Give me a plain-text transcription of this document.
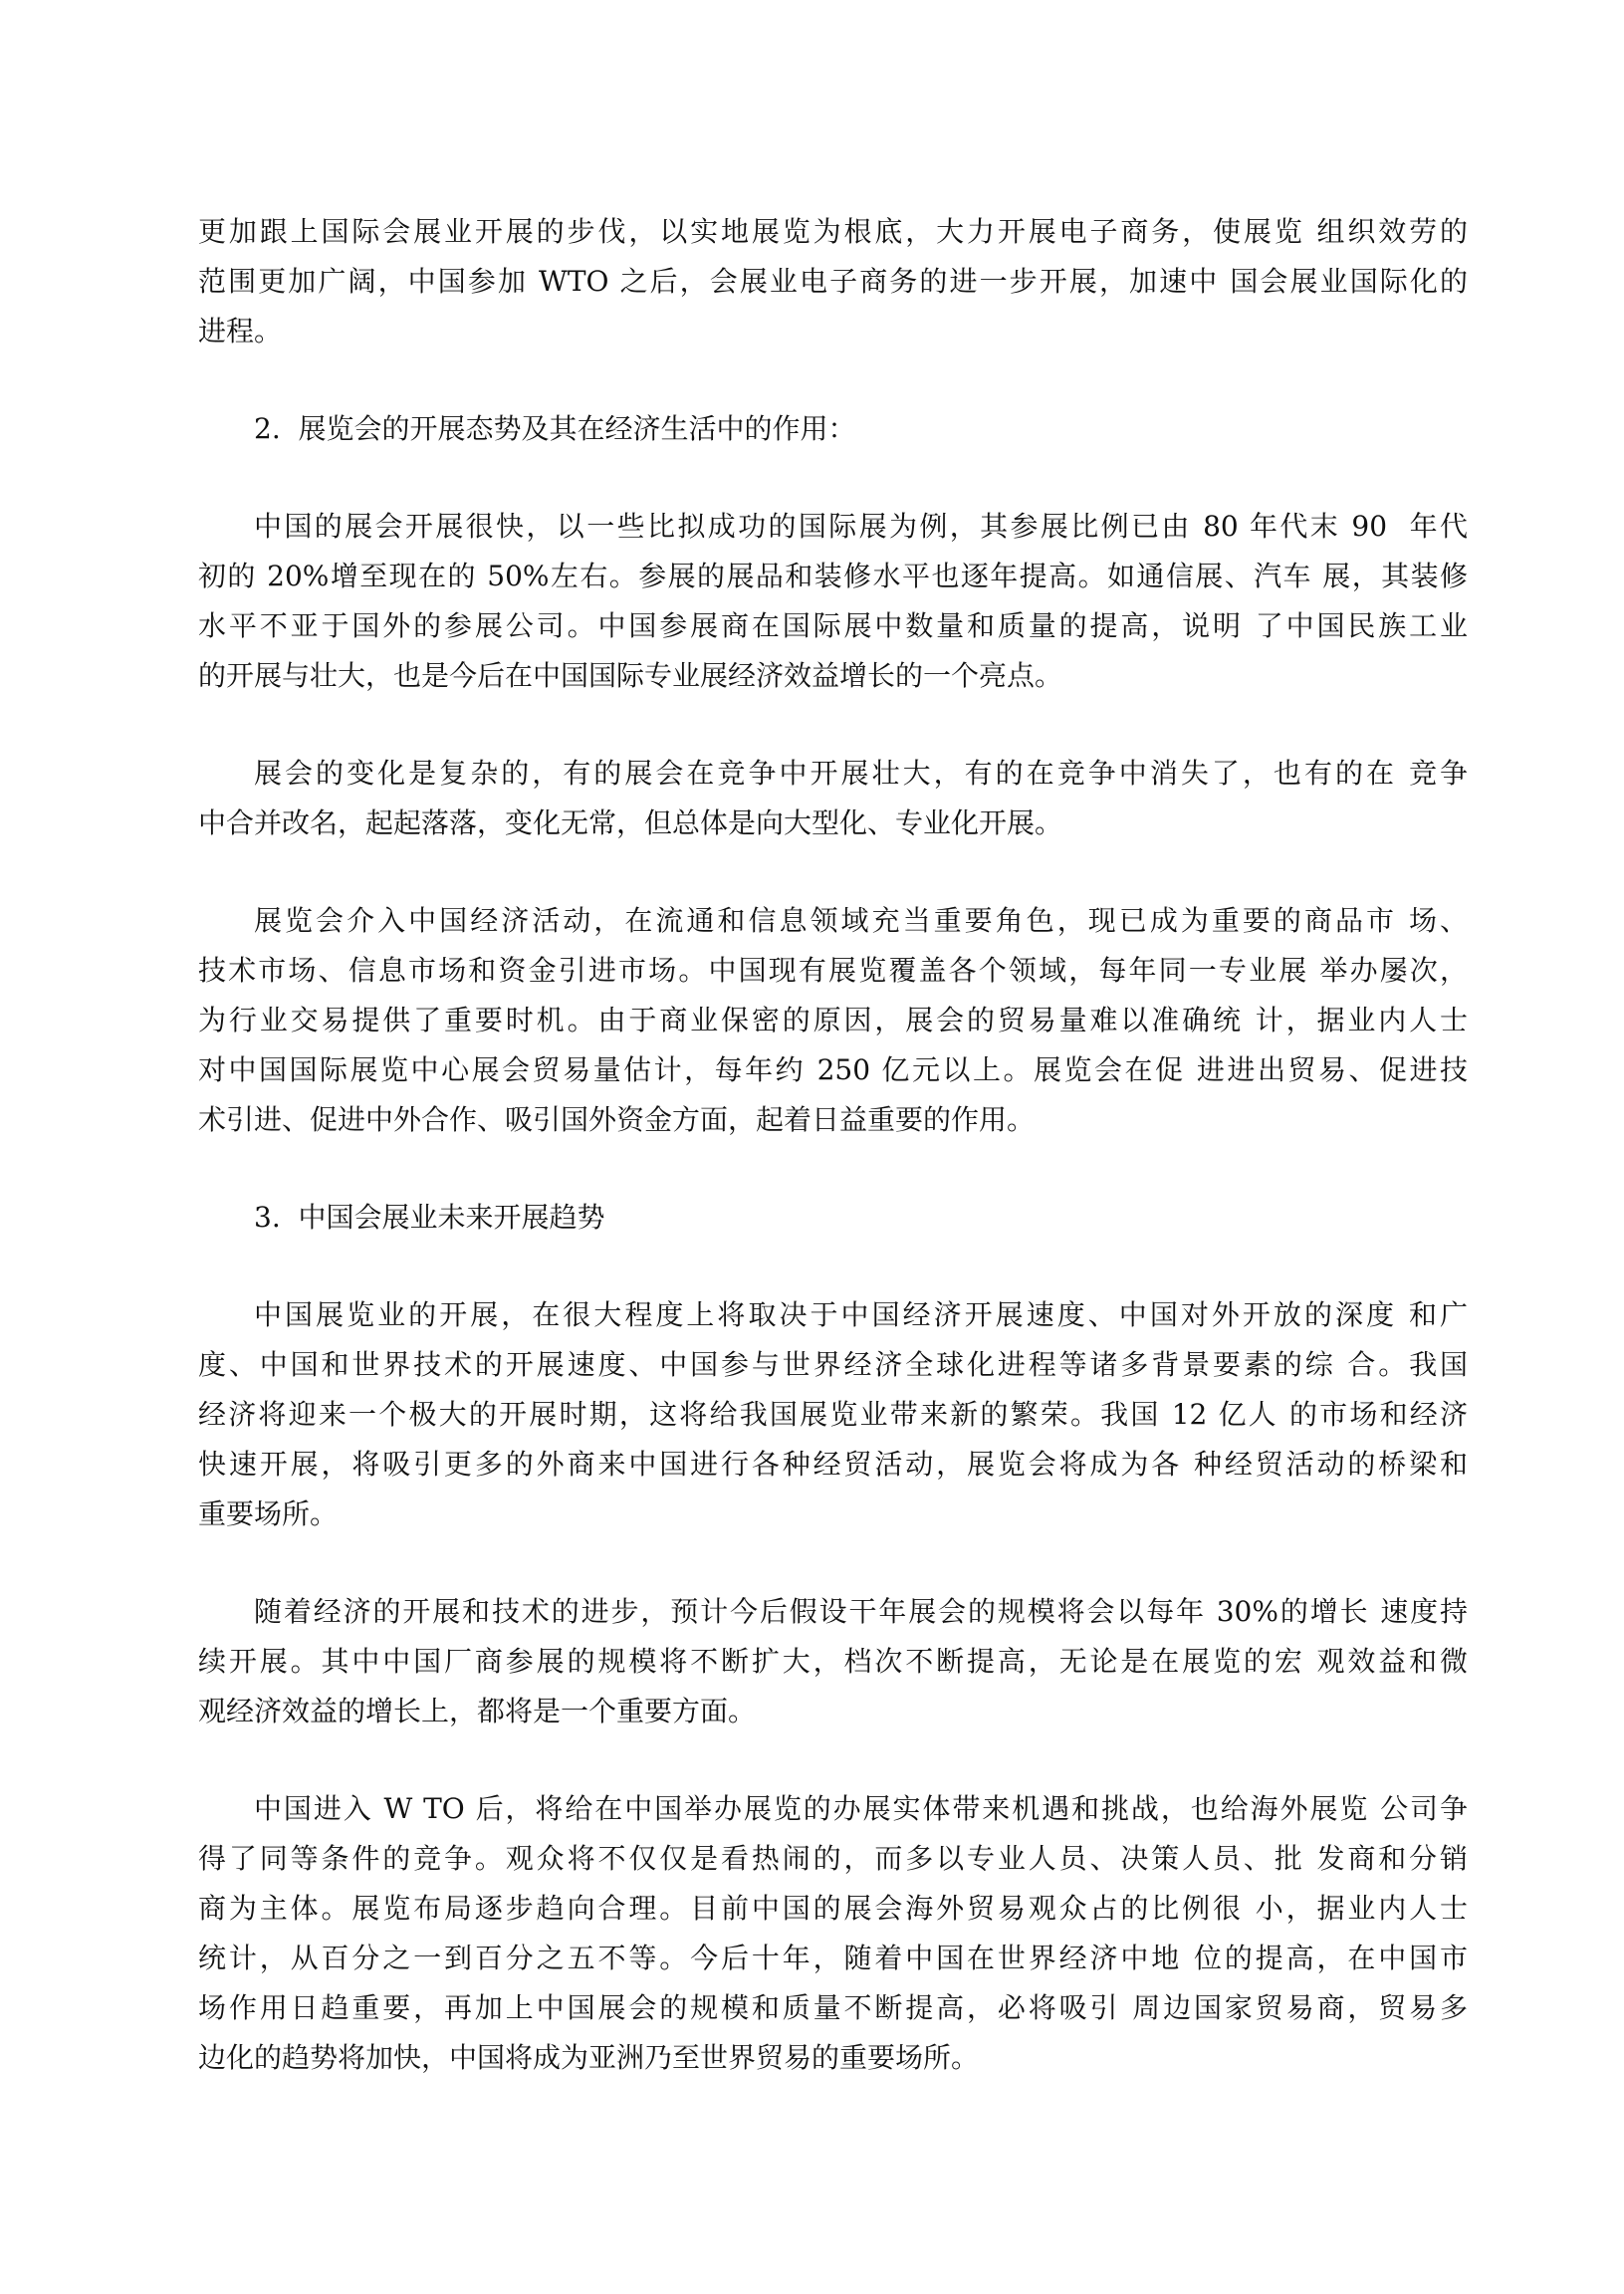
更加跟上国际会展业开展的步伐，以实地展览为根底，大力开展电子商务，使展览 组织效劳的
范围更加广阔，中国参加 WTO 之后，会展业电子商务的进一步开展，加速中 国会展业国际化的
进程。
2.  展览会的开展态势及其在经济生活中的作用：
中国的展会开展很快，以一些比拟成功的国际展为例，其参展比例已由 80 年代末 90  年代
初的 20%增至现在的 50%左右。参展的展品和装修水平也逐年提高。如通信展、汽车 展，其装修
水平不亚于国外的参展公司。中国参展商在国际展中数量和质量的提高，说明 了中国民族工业
的开展与壮大，也是今后在中国国际专业展经济效益增长的一个亮点。
展会的变化是复杂的，有的展会在竞争中开展壮大，有的在竞争中消失了，也有的在 竞争
中合并改名，起起落落，变化无常，但总体是向大型化、专业化开展。
展览会介入中国经济活动，在流通和信息领域充当重要角色，现已成为重要的商品市 场、
技术市场、信息市场和资金引进市场。中国现有展览覆盖各个领域，每年同一专业展 举办屡次，
为行业交易提供了重要时机。由于商业保密的原因，展会的贸易量难以准确统 计，据业内人士
对中国国际展览中心展会贸易量估计，每年约 250 亿元以上。展览会在促 进进出贸易、促进技
术引进、促进中外合作、吸引国外资金方面，起着日益重要的作用。
3.  中国会展业未来开展趋势
中国展览业的开展，在很大程度上将取决于中国经济开展速度、中国对外开放的深度 和广
度、中国和世界技术的开展速度、中国参与世界经济全球化进程等诸多背景要素的综 合。我国
经济将迎来一个极大的开展时期，这将给我国展览业带来新的繁荣。我国 12 亿人 的市场和经济
快速开展，将吸引更多的外商来中国进行各种经贸活动，展览会将成为各 种经贸活动的桥梁和
重要场所。
随着经济的开展和技术的进步，预计今后假设干年展会的规模将会以每年 30%的增长 速度持
续开展。其中中国厂商参展的规模将不断扩大，档次不断提高，无论是在展览的宏 观效益和微
观经济效益的增长上，都将是一个重要方面。
中国进入 W TO 后，将给在中国举办展览的办展实体带来机遇和挑战，也给海外展览 公司争
得了同等条件的竞争。观众将不仅仅是看热闹的，而多以专业人员、决策人员、批 发商和分销
商为主体。展览布局逐步趋向合理。目前中国的展会海外贸易观众占的比例很 小，据业内人士
统计，从百分之一到百分之五不等。今后十年，随着中国在世界经济中地 位的提高，在中国市
场作用日趋重要，再加上中国展会的规模和质量不断提高，必将吸引 周边国家贸易商，贸易多
边化的趋势将加快，中国将成为亚洲乃至世界贸易的重要场所。
